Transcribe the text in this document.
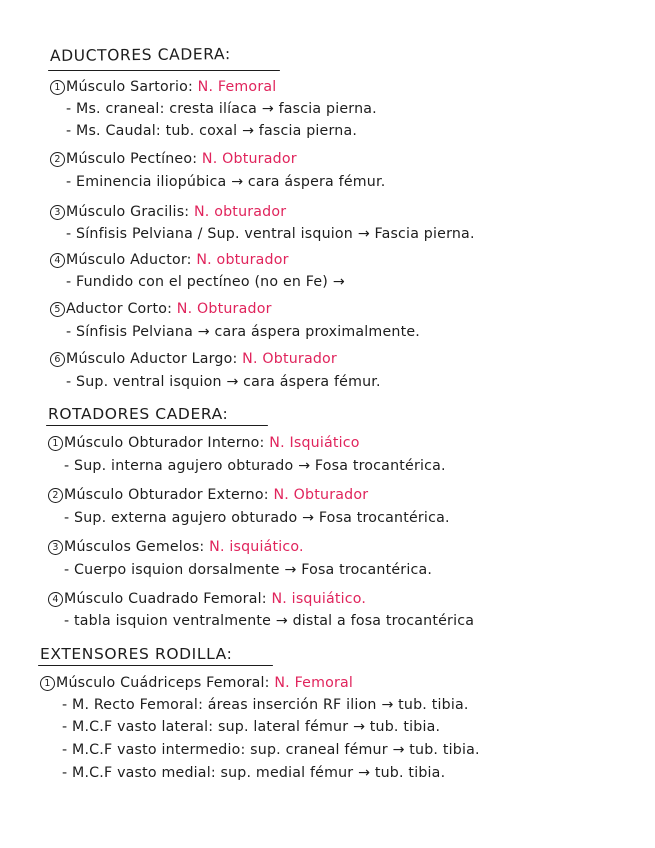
ADUCTORES CADERA:
1 Músculo Sartorio: N. Femoral
- Ms. craneal: cresta ilíaca → fascia pierna.
- Ms. Caudal: tub. coxal → fascia pierna.
2 Músculo Pectíneo: N. Obturador
- Eminencia iliopúbica → cara áspera fémur.
3 Músculo Gracilis: N. obturador
- Sínfisis Pelviana / Sup. ventral isquion → Fascia pierna.
4 Músculo Aductor: N. obturador
- Fundido con el pectíneo (no en Fe) →
5 Aductor Corto: N. Obturador
- Sínfisis Pelviana → cara áspera proximalmente.
6 Músculo Aductor Largo: N. Obturador
- Sup. ventral isquion → cara áspera fémur.
ROTADORES CADERA:
1 Músculo Obturador Interno: N. Isquiático
- Sup. interna agujero obturado → Fosa trocantérica.
2 Músculo Obturador Externo: N. Obturador
- Sup. externa agujero obturado → Fosa trocantérica.
3 Músculos Gemelos: N. isquiático.
- Cuerpo isquion dorsalmente → Fosa trocantérica.
4 Músculo Cuadrado Femoral: N. isquiático.
- tabla isquion ventralmente → distal a fosa trocantérica
EXTENSORES RODILLA:
1 Músculo Cuádriceps Femoral: N. Femoral
- M. Recto Femoral: áreas inserción RF ilion → tub. tibia.
- M.C.F vasto lateral: sup. lateral fémur → tub. tibia.
- M.C.F vasto intermedio: sup. craneal fémur → tub. tibia.
- M.C.F vasto medial: sup. medial fémur → tub. tibia.
